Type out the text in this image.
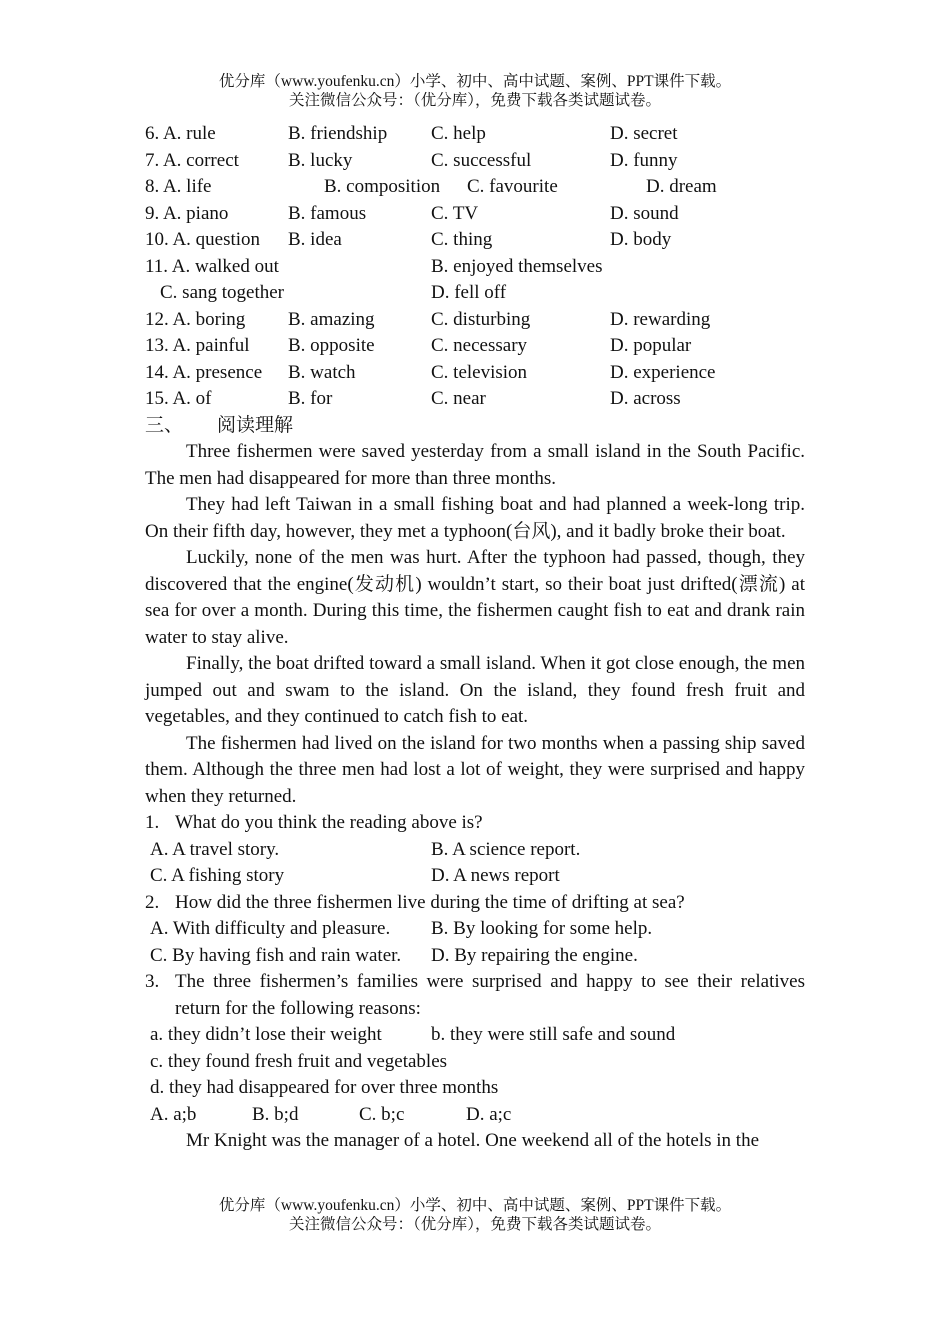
优分库（www.youfenku.cn）小学、初中、高中试题、案例、PPT课件下载。
关注微信公众号：（优分库），免费下载各类试题试卷。
6. A. rule	B. friendship C. help	D. secret
7. A. correct	B. lucky	C. successful	D. funny
8. A. life	B. composition C. favourite	D. dream
9. A. piano	B. famous	C. TV	D. sound
10. A. question B. idea	C. thing	D. body
11. A. walked out	B. enjoyed themselves
C. sang together	D. fell off
12. A. boring B. amazing	C. disturbing	D. rewarding
13. A. painful B. opposite	C. necessary	D. popular
14. A. presence B. watch	C. television	D. experience
15. A. of	B. for	C. near	D. across
三、 阅读理解

Three fishermen were saved yesterday from a small island in the South Pacific. The men had disappeared for more than three months.

They had left Taiwan in a small fishing boat and had planned a week-long trip. On their fifth day, however, they met a typhoon(台风), and it badly broke their boat.

Luckily, none of the men was hurt. After the typhoon had passed, though, they discovered that the engine(发动机) wouldn’t start, so their boat just drifted(漂流) at sea for over a month. During this time, the fishermen caught fish to eat and drank rain water to stay alive.

Finally, the boat drifted toward a small island. When it got close enough, the men jumped out and swam to the island. On the island, they found fresh fruit and vegetables, and they continued to catch fish to eat.

The fishermen had lived on the island for two months when a passing ship saved them. Although the three men had lost a lot of weight, they were surprised and happy when they returned.

1. What do you think the reading above is?
A. A travel story.	B. A science report.
C. A fishing story	D. A news report
2. How did the three fishermen live during the time of drifting at sea?
A. With difficulty and pleasure. B. By looking for some help.
C. By having fish and rain water. D. By repairing the engine.
3. The three fishermen’s families were surprised and happy to see their relatives return for the following reasons:
a. they didn’t lose their weight	b. they were still safe and sound
c. they found fresh fruit and vegetables
d. they had disappeared for over three months
A. a;b	B. b;d	C. b;c	D. a;c

Mr Knight was the manager of a hotel. One weekend all of the hotels in the

优分库（www.youfenku.cn）小学、初中、高中试题、案例、PPT课件下载。
关注微信公众号：（优分库），免费下载各类试题试卷。
